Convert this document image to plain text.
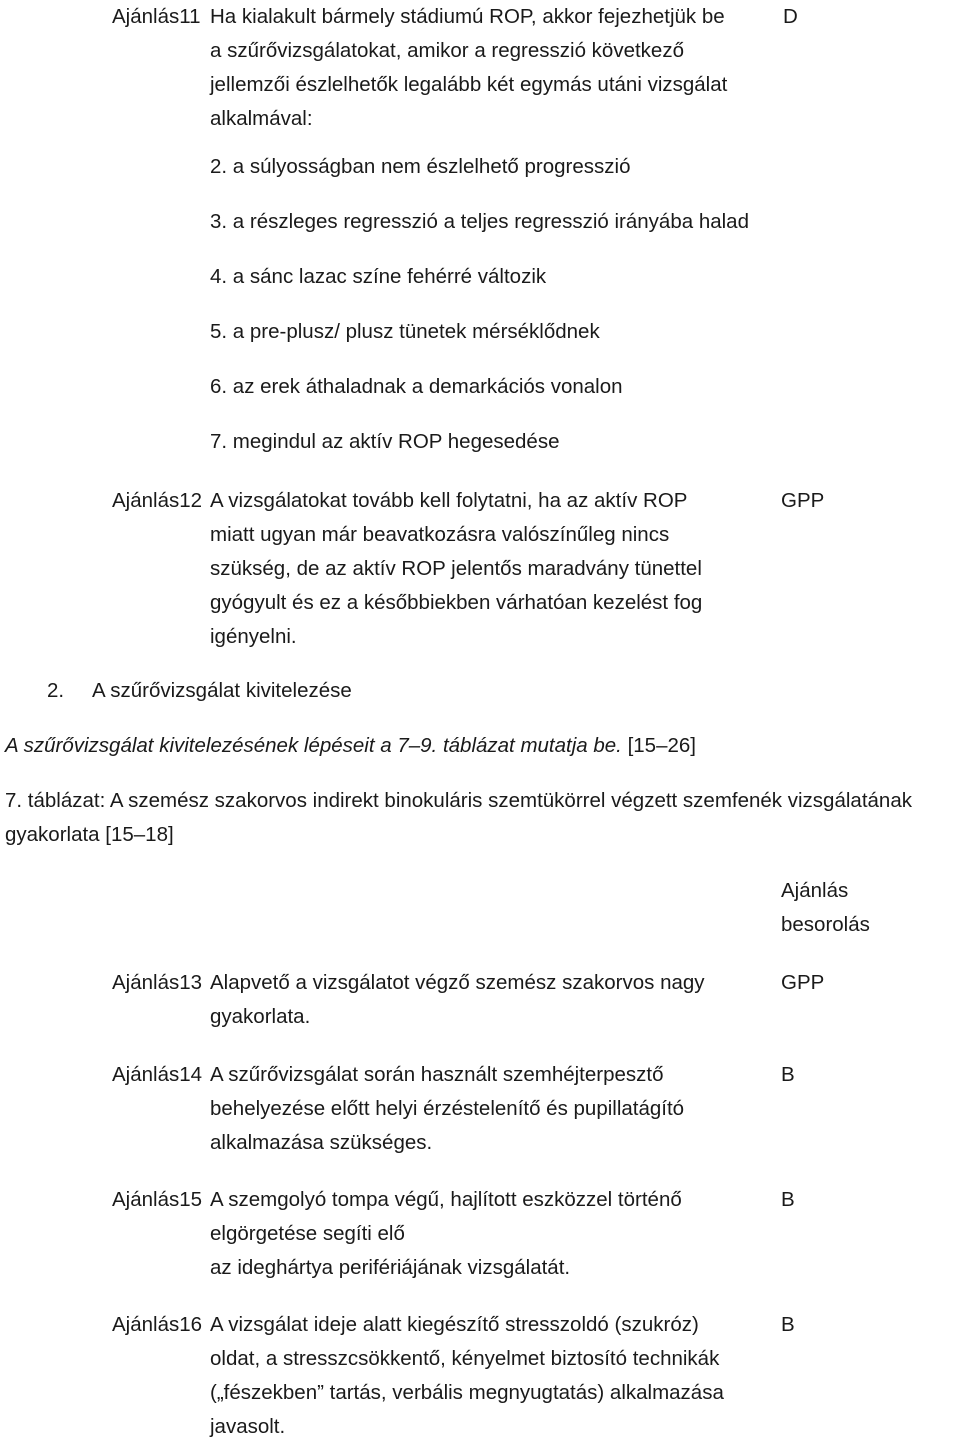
Ajánlás11 Ha kialakult bármely stádiumú ROP, akkor fejezhetjük be
a szűrővizsgálatokat, amikor a regresszió következő
jellemzői észlelhetők legalább két egymás utáni vizsgálat
alkalmával:
D
2. a súlyosságban nem észlelhető progresszió
3. a részleges regresszió a teljes regresszió irányába halad
4. a sánc lazac színe fehérré változik
5. a pre-plusz/ plusz tünetek mérséklődnek
6. az erek áthaladnak a demarkációs vonalon
7. megindul az aktív ROP hegesedése
Ajánlás12 A vizsgálatokat tovább kell folytatni, ha az aktív ROP
miatt ugyan már beavatkozásra valószínűleg nincs
szükség, de az aktív ROP jelentős maradvány tünettel
gyógyult és ez a későbbiekben várhatóan kezelést fog
igényelni.
GPP
2. A szűrővizsgálat kivitelezése
A szűrővizsgálat kivitelezésének lépéseit a 7–9. táblázat mutatja be. [15–26]
7. táblázat: A szemész szakorvos indirekt binokuláris szemtükörrel végzett szemfenék vizsgálatának
gyakorlata [15–18]
Ajánlás
besorolás
Ajánlás13 Alapvető a vizsgálatot végző szemész szakorvos nagy
gyakorlata.
GPP
Ajánlás14 A szűrővizsgálat során használt szemhéjterpesztő
behelyezése előtt helyi érzéstelenítő és pupillatágító
alkalmazása szükséges.
B
Ajánlás15 A szemgolyó tompa végű, hajlított eszközzel történő
elgörgetése segíti elő
az ideghártya perifériájának vizsgálatát.
B
Ajánlás16 A vizsgálat ideje alatt kiegészítő stresszoldó (szukróz)
oldat, a stresszcsökkentő, kényelmet biztosító technikák
(„fészekben” tartás, verbális megnyugtatás) alkalmazása
javasolt.
B
